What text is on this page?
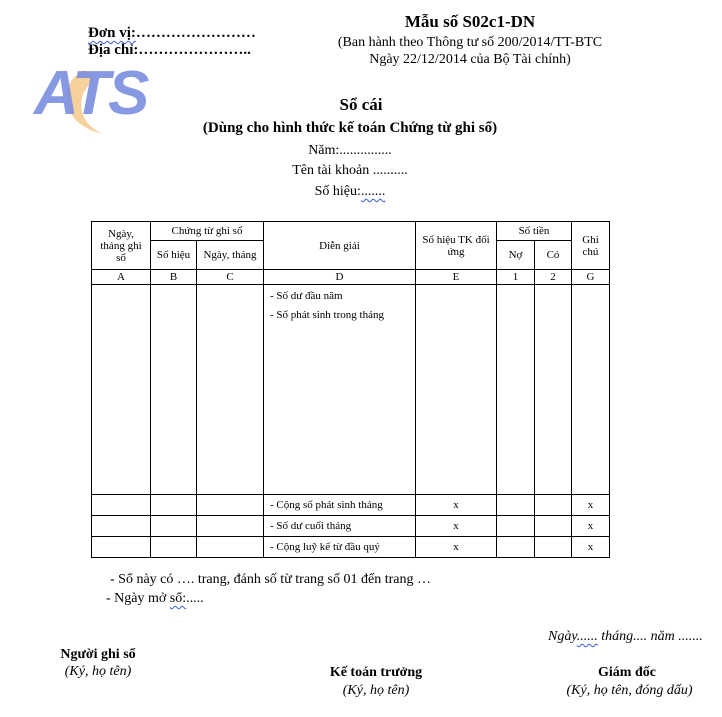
ATS
Đơn vị:……………………
Địa chỉ:…………………..
Mẫu số S02c1-DN
(Ban hành theo Thông tư số 200/2014/TT-BTC
Ngày 22/12/2014 của Bộ Tài chính)
Sổ cái
(Dùng cho hình thức kế toán Chứng từ ghi sổ)
Năm:...............
Tên tài khoản ..........
Số hiệu:.......
Ngày, tháng ghi sổ	Chứng từ ghi sổ		Diễn giải	Số hiệu TK đối ứng	Số tiền		Ghi chú
	Số hiệu	Ngày, tháng			Nợ	Có	
A	B	C	D	E	1	2	G

			- Số dư đầu năm
- Số phát sinh trong tháng				

			- Cộng số phát sinh tháng	x			x
			- Số dư cuối tháng	x			x
			- Cộng luỹ kế từ đầu quý	x			x
- Sổ này có …. trang, đánh số từ trang số 01 đến trang …
- Ngày mở sổ:.....
Ngày...... tháng.... năm .......
Người ghi sổ
(Ký, họ tên)	Kế toán trưởng
(Ký, họ tên)
Giám đốc
(Ký, họ tên, đóng dấu)
